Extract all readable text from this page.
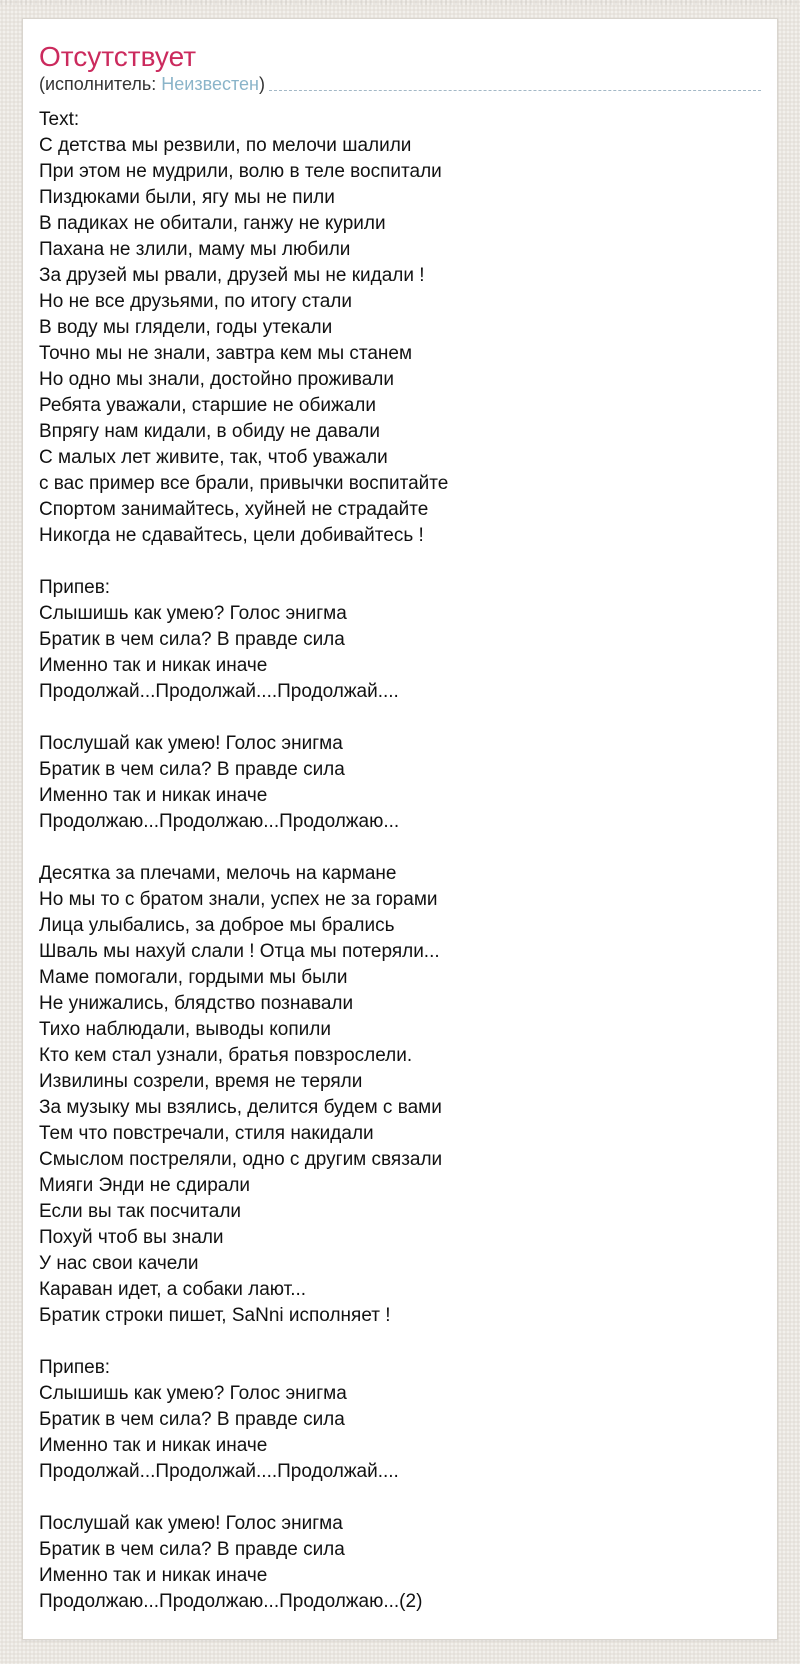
Отсутствует
(исполнитель:
Неизвестен )
Text:
С детства мы резвили, по мелочи шалили
При этом не мудрили, волю в теле воспитали
Пиздюками были, ягу мы не пили
В падиках не обитали, ганжу не курили
Пахана не злили, маму мы любили
За друзей мы рвали, друзей мы не кидали !
Но не все друзьями, по итогу стали
В воду мы глядели, годы утекали
Точно мы не знали, завтра кем мы станем
Но одно мы знали, достойно проживали
Ребята уважали, старшие не обижали
Впрягу нам кидали, в обиду не давали
С малых лет живите, так, чтоб уважали
с вас пример все брали, привычки воспитайте
Спортом занимайтесь, хуйней не страдайте
Никогда не сдавайтесь, цели добивайтесь !

Припев:
Слышишь как умею? Голос энигма
Братик в чем сила? В правде сила
Именно так и никак иначе
Продолжай...Продолжай....Продолжай....

Послушай как умею! Голос энигма
Братик в чем сила? В правде сила
Именно так и никак иначе
Продолжаю...Продолжаю...Продолжаю...

Десятка за плечами, мелочь на кармане
Но мы то с братом знали, успех не за горами
Лица улыбались, за доброе мы брались
Шваль мы нахуй слали ! Отца мы потеряли...
Маме помогали, гордыми мы были
Не унижались, блядство познавали
Тихо наблюдали, выводы копили
Кто кем стал узнали, братья повзрослели.
Извилины созрели, время не теряли
За музыку мы взялись, делится будем с вами
Тем что повстречали, стиля накидали
Смыслом постреляли, одно с другим связали
Мияги Энди не сдирали
Если вы так посчитали
Похуй чтоб вы знали
У нас свои качели
Караван идет, а собаки лают...
Братик строки пишет, SaNni исполняет !

Припев:
Слышишь как умею? Голос энигма
Братик в чем сила? В правде сила
Именно так и никак иначе
Продолжай...Продолжай....Продолжай....

Послушай как умею! Голос энигма
Братик в чем сила? В правде сила
Именно так и никак иначе
Продолжаю...Продолжаю...Продолжаю...(2)
